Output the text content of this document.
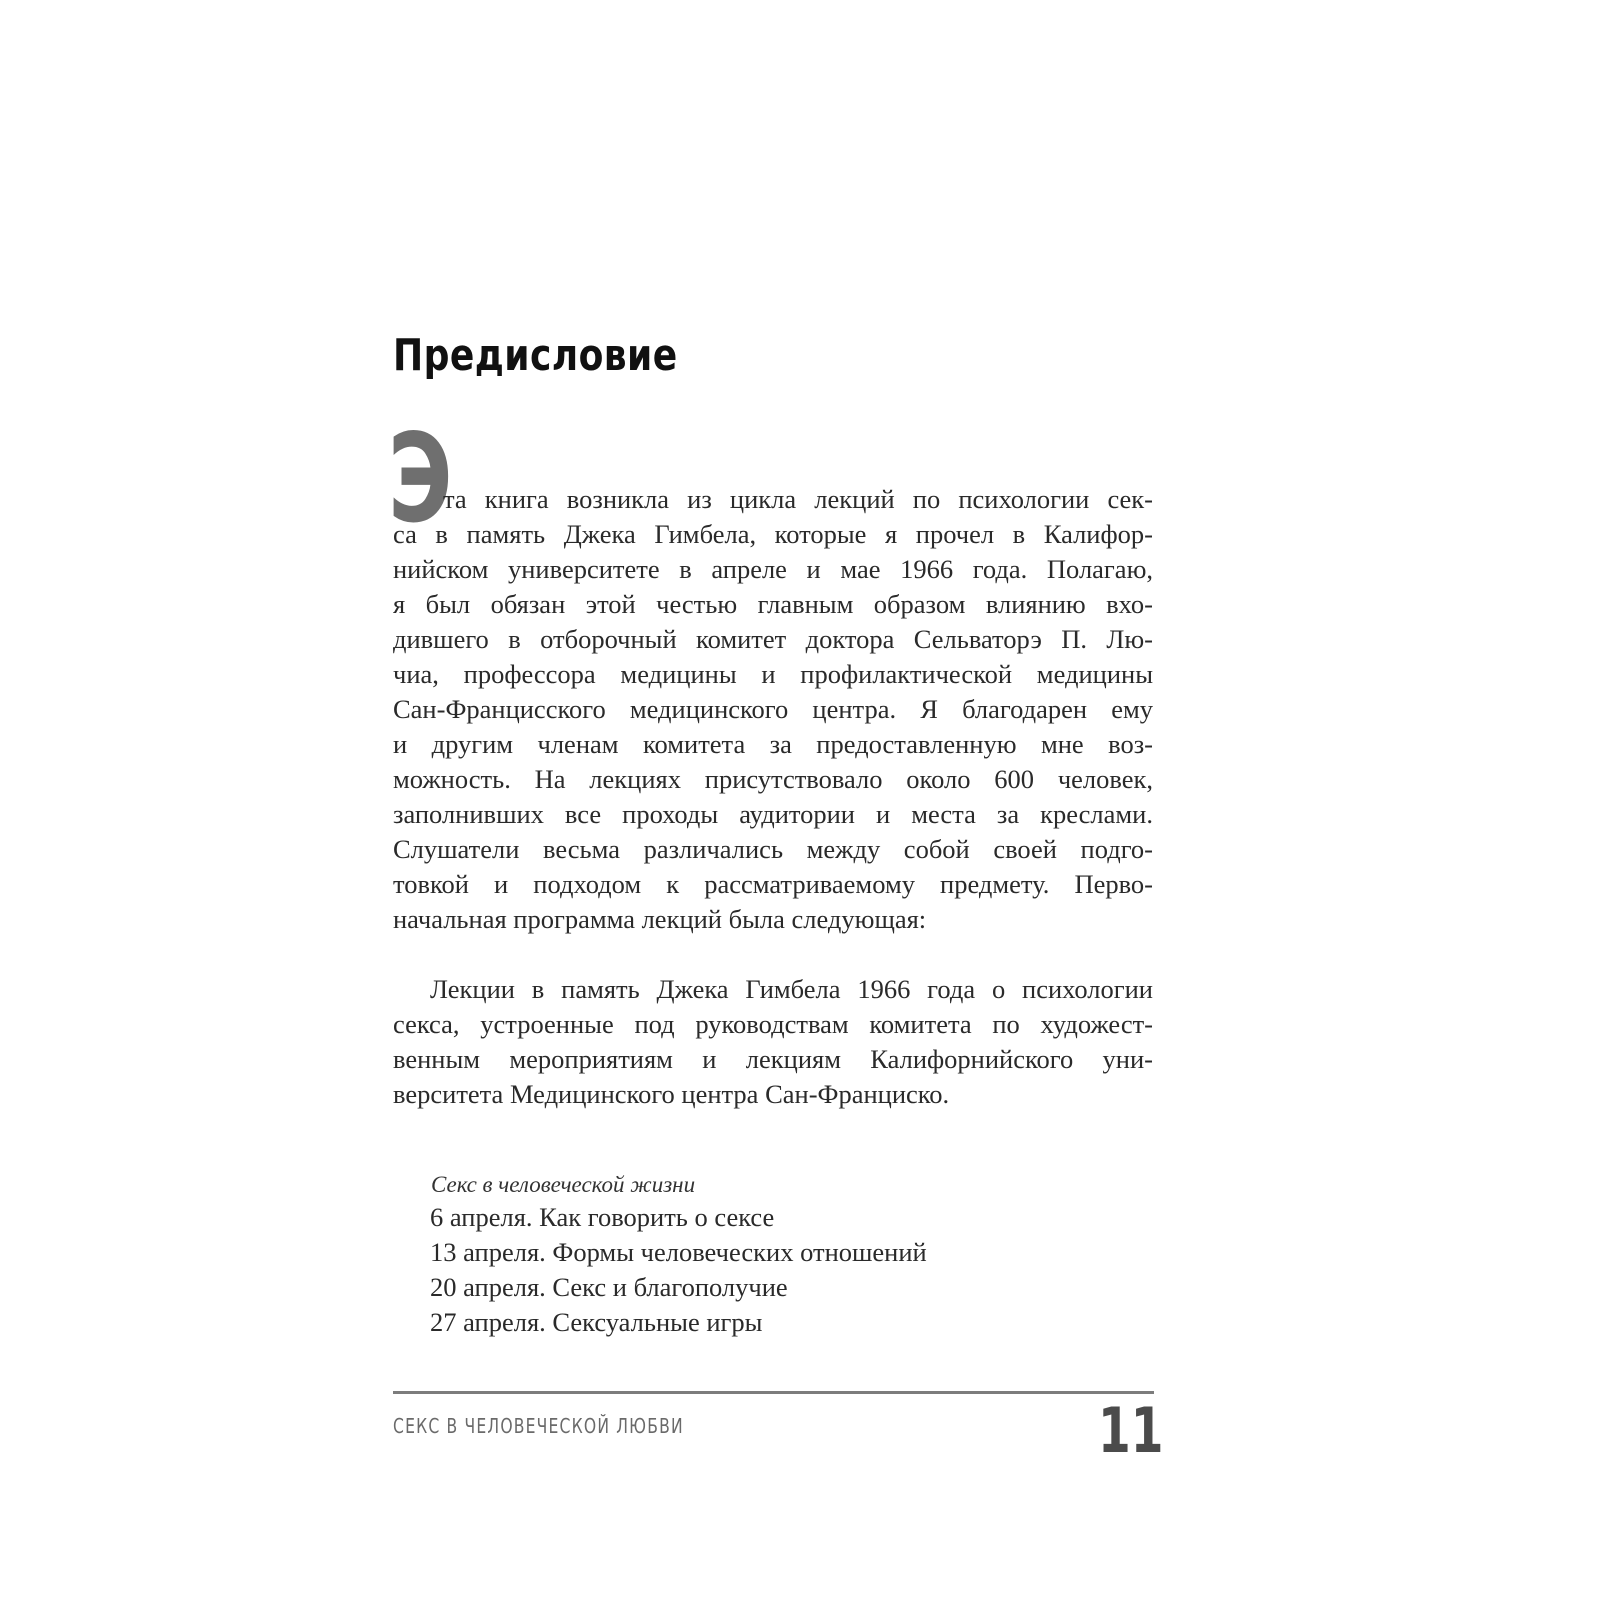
Предисловие
Э

та книга возникла из цикла лекций по психологии сек-

са в память Джека Гимбела, которые я прочел в Калифор-

нийском университете в апреле и мае 1966 года. Полагаю,

я был обязан этой честью главным образом влиянию вхо-

дившего в отборочный комитет доктора Сельваторэ П. Лю-

чиа, профессора медицины и профилактической медицины

Сан-Францисского медицинского центра. Я благодарен ему

и другим членам комитета за предоставленную мне воз-

можность. На лекциях присутствовало около 600 человек,

заполнивших все проходы аудитории и места за креслами.

Слушатели весьма различались между собой своей подго-

товкой и подходом к рассматриваемому предмету. Перво-

начальная программа лекций была следующая:

Лекции в память Джека Гимбела 1966 года о психологии

секса, устроенные под руководствам комитета по художест-

венным мероприятиям и лекциям Калифорнийского уни-

верситета Медицинского центра Сан-Франциско.

Секс в человеческой жизни

6 апреля. Как говорить о сексе

13 апреля. Формы человеческих отношений

20 апреля. Секс и благополучие

27 апреля. Сексуальные игры

СЕКС В ЧЕЛОВЕЧЕСКОЙ ЛЮБВИ	11
